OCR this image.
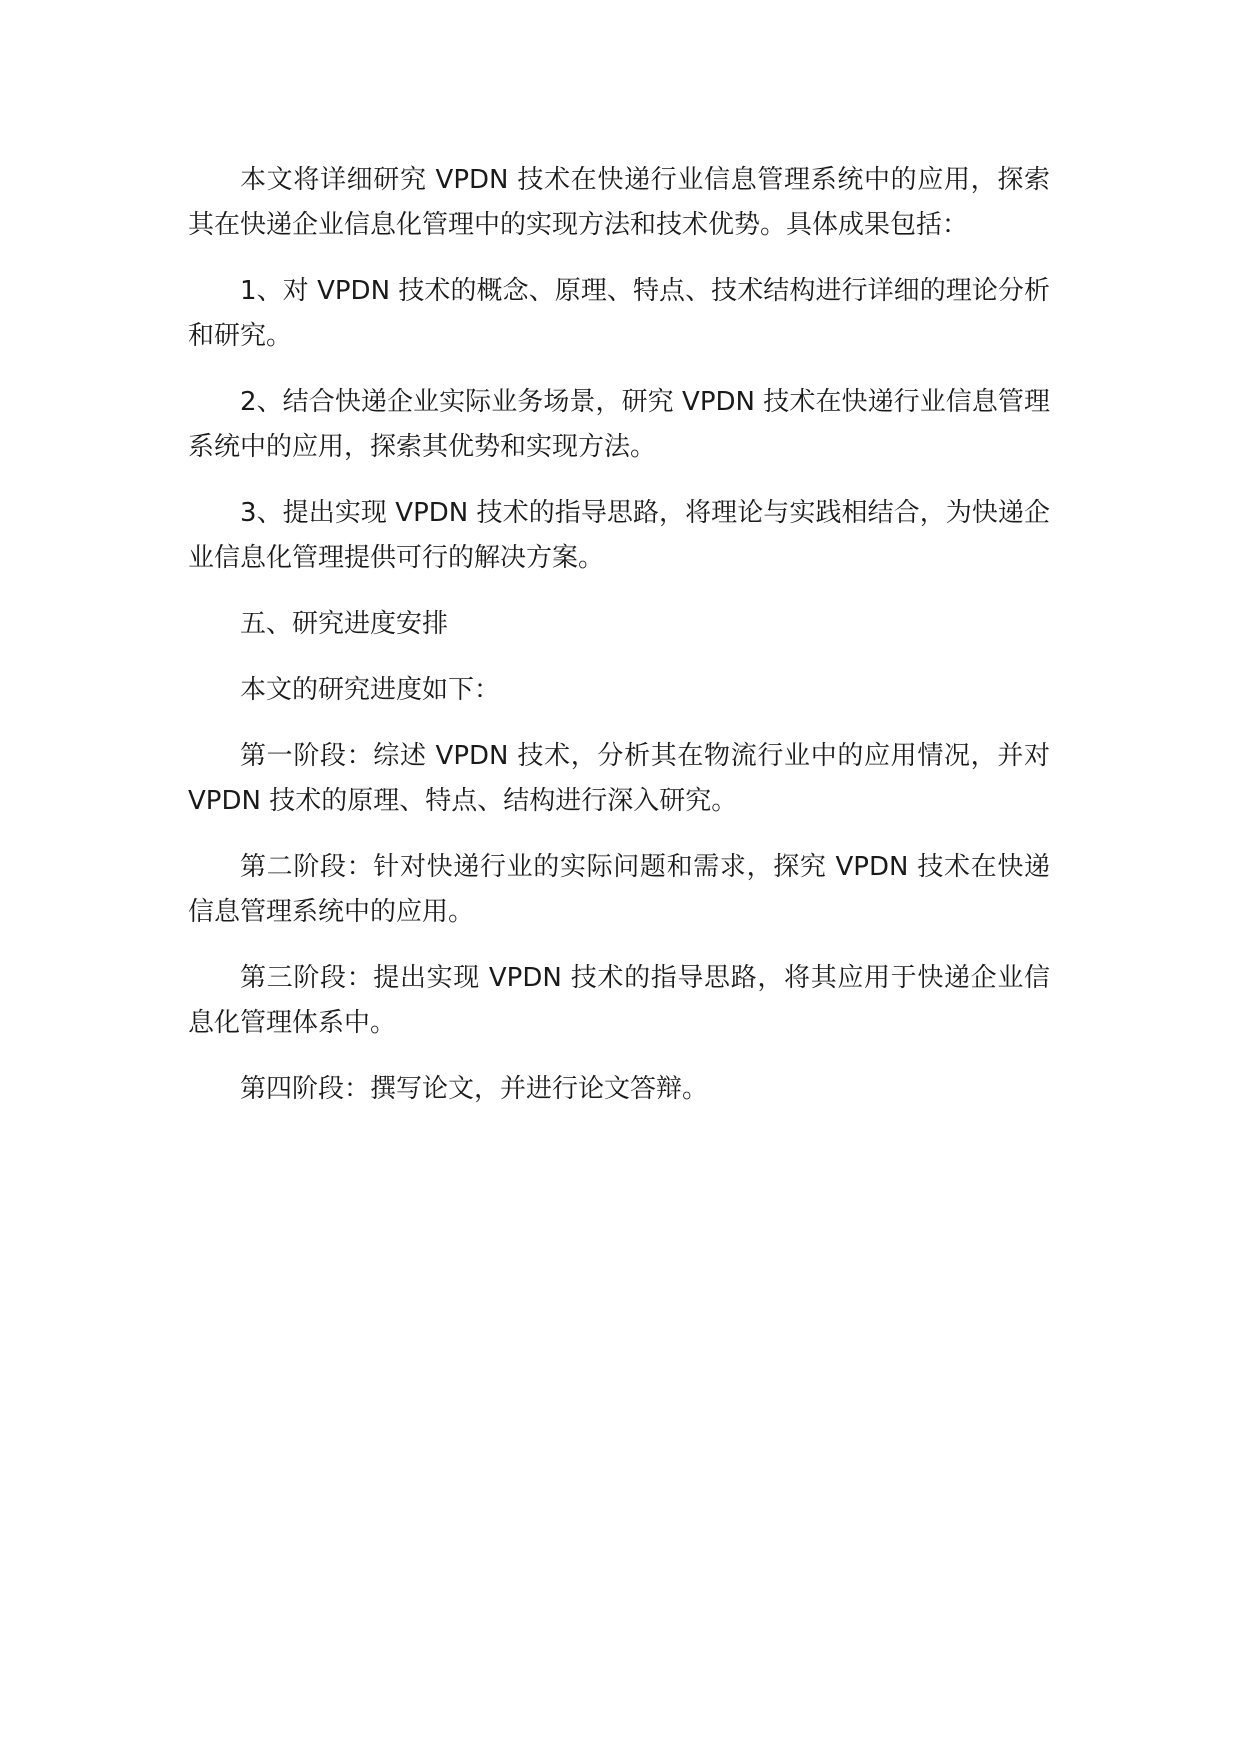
本文将详细研究 VPDN 技术在快递行业信息管理系统中的应用，探索其在快递企业信息化管理中的实现方法和技术优势。具体成果包括：

1、对 VPDN 技术的概念、原理、特点、技术结构进行详细的理论分析和研究。

2、结合快递企业实际业务场景，研究 VPDN 技术在快递行业信息管理系统中的应用，探索其优势和实现方法。

3、提出实现 VPDN 技术的指导思路，将理论与实践相结合，为快递企业信息化管理提供可行的解决方案。

五、研究进度安排

本文的研究进度如下：

第一阶段：综述 VPDN 技术，分析其在物流行业中的应用情况，并对 VPDN 技术的原理、特点、结构进行深入研究。

第二阶段：针对快递行业的实际问题和需求，探究 VPDN 技术在快递信息管理系统中的应用。

第三阶段：提出实现 VPDN 技术的指导思路，将其应用于快递企业信息化管理体系中。

第四阶段：撰写论文，并进行论文答辩。
